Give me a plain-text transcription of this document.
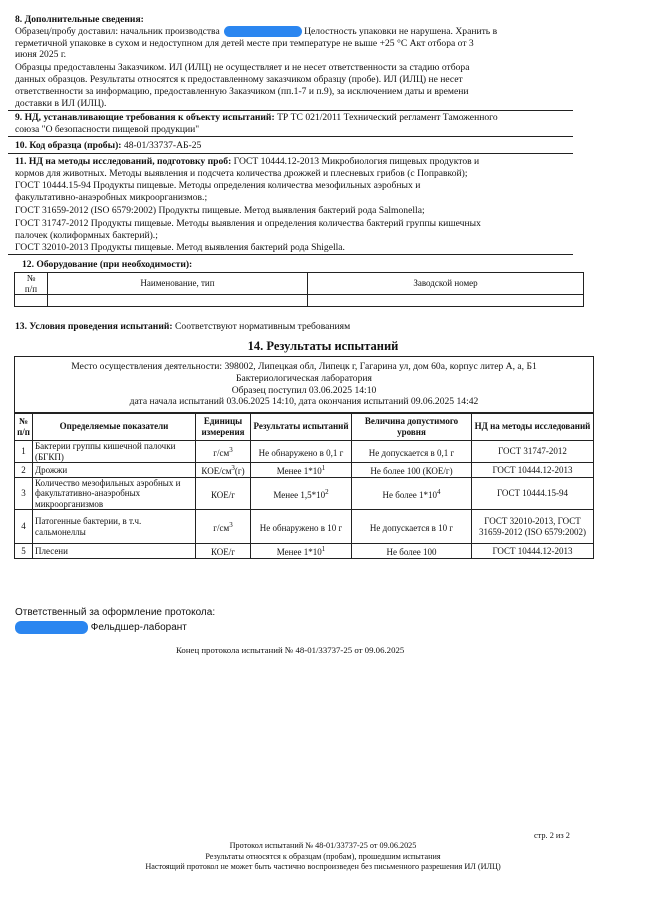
8. Дополнительные сведения:
Образец/пробу доставил: начальник производства	Целостность упаковки не нарушена. Хранить в
герметичной упаковке в сухом и недоступном для детей месте при температуре не выше +25 °С Акт отбора от 3
июня 2025 г.
Образцы предоставлены Заказчиком. ИЛ (ИЛЦ) не осуществляет и не несет ответственности за стадию отбора
данных образцов. Результаты относятся к предоставленному заказчиком образцу (пробе). ИЛ (ИЛЦ) не несет
ответственности за информацию, предоставленную Заказчиком (пп.1-7 и п.9), за исключением даты и времени
доставки в ИЛ (ИЛЦ).
9. НД, устанавливающие требования к объекту испытаний: ТР ТС 021/2011 Технический регламент Таможенного
союза "О безопасности пищевой продукции"
10. Код образца (пробы): 48-01/33737-АБ-25
11. НД на методы исследований, подготовку проб: ГОСТ 10444.12-2013 Микробиология пищевых продуктов и
кормов для животных. Методы выявления и подсчета количества дрожжей и плесневых грибов (с Поправкой);
ГОСТ 10444.15-94 Продукты пищевые. Методы определения количества мезофильных аэробных и
факультативно-анаэробных микроорганизмов.;
ГОСТ 31659-2012 (ISO 6579:2002) Продукты пищевые. Метод выявления бактерий рода Salmonella;
ГОСТ 31747-2012 Продукты пищевые. Методы выявления и определения количества бактерий группы кишечных
палочек (колиформных бактерий).;
ГОСТ 32010-2013 Продукты пищевые. Метод выявления бактерий рода Shigella.
12. Оборудование (при необходимости):
№
п/п	Наименование, тип	Заводской номер

13. Условия проведения испытаний: Соответствуют нормативным требованиям
14. Результаты испытаний
Место осуществления деятельности: 398002, Липецкая обл, Липецк г, Гагарина ул, дом 60а, корпус литер А, а, Б1
Бактериологическая лаборатория
Образец поступил 03.06.2025 14:10
дата начала испытаний 03.06.2025 14:10, дата окончания испытаний 09.06.2025 14:42
№
п/п	Определяемые показатели	Единицы измерения	Результаты испытаний	Величина допустимого уровня	НД на методы исследований
1	Бактерии группы кишечной палочки (БГКП)	$г/см^3$	Не обнаружено в 0,1 г	Не допускается в 0,1 г	ГОСТ 31747-2012
2	Дрожжи	КОЕ/$см^3(г)$	Менее $1*10^1$	Не более 100 (КОЕ/г)	ГОСТ 10444.12-2013
3	Количество мезофильных аэробных и факультативно-анаэробных микроорганизмов	КОЕ/г	Менее $1,5*10^2$	Не более $1*10^4$	ГОСТ 10444.15-94
4	Патогенные бактерии, в т.ч. сальмонеллы	$г/см^3$	Не обнаружено в 10 г	Не допускается в 10 г	ГОСТ 32010-2013, ГОСТ 31659-2012 (ISO 6579:2002)
5	Плесени	КОЕ/г	Менее $1*10^1$	Не более 100	ГОСТ 10444.12-2013
Ответственный за оформление протокола:
Фельдшер-лаборант
Конец протокола испытаний № 48-01/33737-25 от 09.06.2025
стр. 2 из 2
Протокол испытаний № 48-01/33737-25 от 09.06.2025
Результаты относятся к образцам (пробам), прошедшим испытания
Настоящий протокол не может быть частично воспроизведен без письменного разрешения ИЛ (ИЛЦ)
